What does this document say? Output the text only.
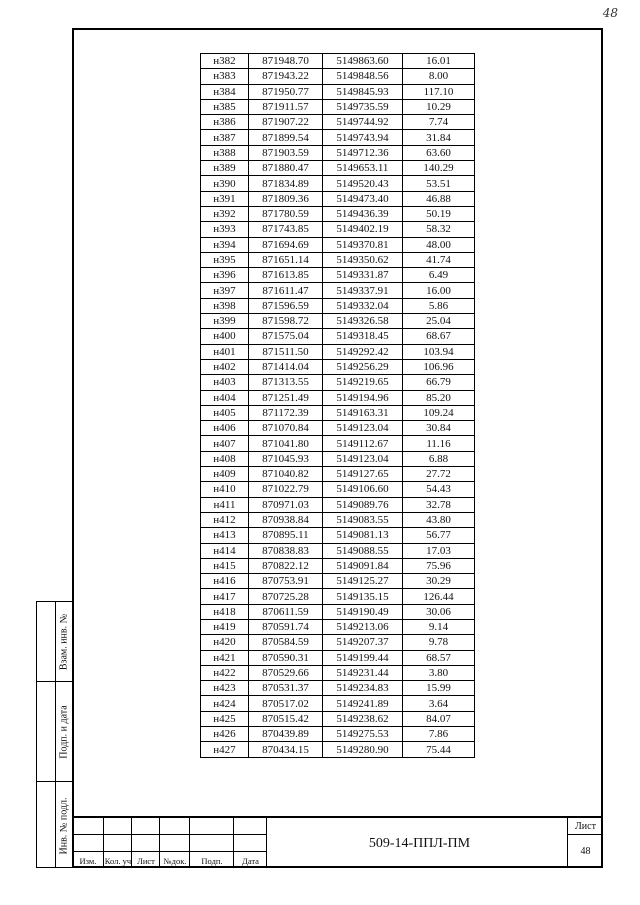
48
Взам. инв. №
Подп. и дата
Инв. № подл.
н382	871948.70	5149863.60	16.01
н383	871943.22	5149848.56	8.00
н384	871950.77	5149845.93	117.10
н385	871911.57	5149735.59	10.29
н386	871907.22	5149744.92	7.74
н387	871899.54	5149743.94	31.84
н388	871903.59	5149712.36	63.60
н389	871880.47	5149653.11	140.29
н390	871834.89	5149520.43	53.51
н391	871809.36	5149473.40	46.88
н392	871780.59	5149436.39	50.19
н393	871743.85	5149402.19	58.32
н394	871694.69	5149370.81	48.00
н395	871651.14	5149350.62	41.74
н396	871613.85	5149331.87	6.49
н397	871611.47	5149337.91	16.00
н398	871596.59	5149332.04	5.86
н399	871598.72	5149326.58	25.04
н400	871575.04	5149318.45	68.67
н401	871511.50	5149292.42	103.94
н402	871414.04	5149256.29	106.96
н403	871313.55	5149219.65	66.79
н404	871251.49	5149194.96	85.20
н405	871172.39	5149163.31	109.24
н406	871070.84	5149123.04	30.84
н407	871041.80	5149112.67	11.16
н408	871045.93	5149123.04	6.88
н409	871040.82	5149127.65	27.72
н410	871022.79	5149106.60	54.43
н411	870971.03	5149089.76	32.78
н412	870938.84	5149083.55	43.80
н413	870895.11	5149081.13	56.77
н414	870838.83	5149088.55	17.03
н415	870822.12	5149091.84	75.96
н416	870753.91	5149125.27	30.29
н417	870725.28	5149135.15	126.44
н418	870611.59	5149190.49	30.06
н419	870591.74	5149213.06	9.14
н420	870584.59	5149207.37	9.78
н421	870590.31	5149199.44	68.57
н422	870529.66	5149231.44	3.80
н423	870531.37	5149234.83	15.99
н424	870517.02	5149241.89	3.64
н425	870515.42	5149238.62	84.07
н426	870439.89	5149275.53	7.86
н427	870434.15	5149280.90	75.44
Изм. Кол. уч Лист	№док.	Подп.	Дата
509-14-ППЛ-ПМ
Лист
48
